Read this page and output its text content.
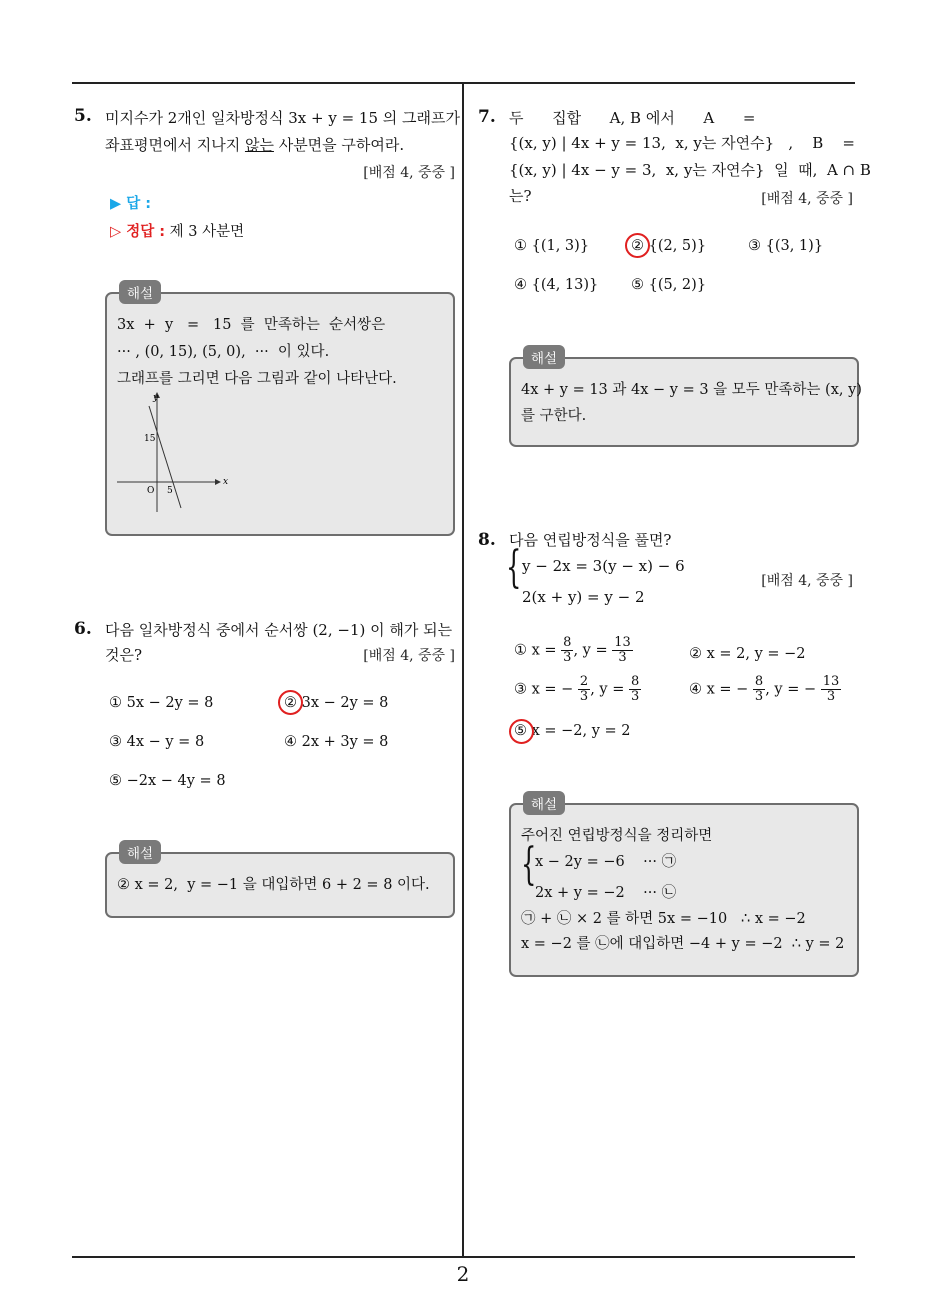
2
5. 미지수가 2개인 일차방정식 3x + y = 15 의 그래프가
좌표평면에서 지나지 않는 사분면을 구하여라.
[배점 4, 중중 ]
▶ 답 :
▷ 정답 : 제 3 사분면
해설
3x  +  y   =   15  를  만족하는  순서쌍은
··· , (0, 15), (5, 0),  ···  이 있다.
그래프를 그리면 다음 그림과 같이 나타난다.
y
x
O
15
5
6. 다음 일차방정식 중에서 순서쌍 (2, −1) 이 해가 되는
것은?	[배점 4, 중중 ]
① 5x − 2y = 8	② 3x − 2y = 8
③ 4x − y = 8	④ 2x + 3y = 8
⑤ −2x − 4y = 8
해설
② x = 2,  y = −1 을 대입하면 6 + 2 = 8 이다.
7. 두      집합      A, B 에서      A      =
{(x, y) | 4x + y = 13,  x, y는 자연수}   ,    B    =
{(x, y) | 4x − y = 3,  x, y는 자연수}  일  때,  A ∩ B
는?	[배점 4, 중중 ]
① {(1, 3)}	② {(2, 5)}	③ {(3, 1)}
④ {(4, 13)} ⑤ {(5, 2)}
해설
4x + y = 13 과 4x − y = 3 을 모두 만족하는 (x, y)
를 구한다.
8. 다음 연립방정식을 풀면?
{ y − 2x = 3(y − x) − 6
2(x + y) = y − 2
[배점 4, 중중 ]
① $x = \frac{8}{3}$ , $y = \frac{13}{3}$	② x = 2, y = −2
③ x = − $\frac{2}{3}$ , $y = \frac{8}{3}$	④ x = − $\frac{8}{3}$ , y = − $\frac{13}{3}$
⑤ x = −2, y = 2
해설
주어진 연립방정식을 정리하면
{
x − 2y = −6    ··· ㉠
2x + y = −2    ··· ㉡
㉠ + ㉡ × 2 를 하면 5x = −10   ∴ x = −2
x = −2 를 ㉡에 대입하면 −4 + y = −2  ∴ y = 2
